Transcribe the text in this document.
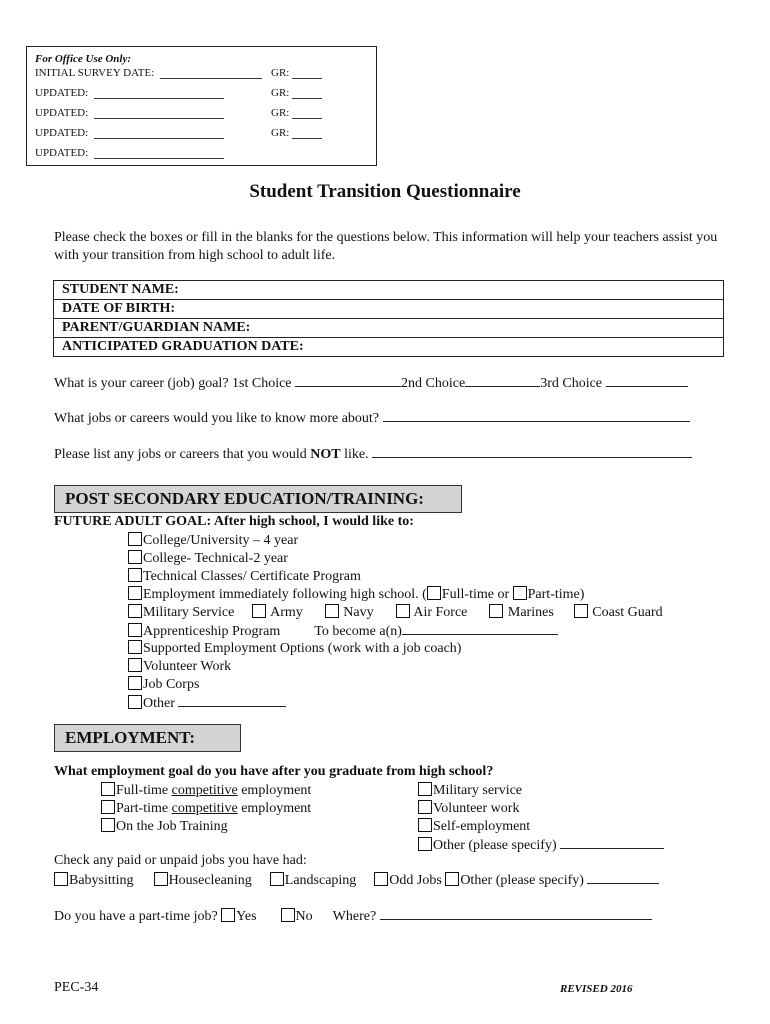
For Office Use Only:
INITIAL SURVEY DATE:	GR:
UPDATED:	GR:
UPDATED:	GR:
UPDATED:	GR:
UPDATED:
Student Transition Questionnaire
Please check the boxes or fill in the blanks for the questions below. This information will help your teachers assist you with your transition from high school to adult life.
STUDENT NAME:
DATE OF BIRTH:
PARENT/GUARDIAN NAME:
ANTICIPATED GRADUATION DATE:
What is your career (job) goal? 1st Choice	2nd Choice	3rd Choice
What jobs or careers would you like to know more about?
Please list any jobs or careers that you would NOT like.
POST SECONDARY EDUCATION/TRAINING:
FUTURE ADULT GOAL: After high school, I would like to:
College/University – 4 year
College- Technical-2 year
Technical Classes/ Certificate Program
Employment immediately following high school. ( Full-time or Part-time)
Military Service	Army	Navy	Air Force	Marines	Coast Guard
Apprenticeship Program To become a(n)
Supported Employment Options (work with a job coach)
Volunteer Work
Job Corps
Other
EMPLOYMENT:
What employment goal do you have after you graduate from high school?
Full-time competitive employment
Part-time competitive employment
On the Job Training
Military service
Volunteer work
Self-employment
Other (please specify)
Check any paid or unpaid jobs you have had:
Babysitting	Housecleaning Landscaping Odd Jobs Other (please specify)
Do you have a part-time job? Yes	No Where?
PEC-34	REVISED 2016
